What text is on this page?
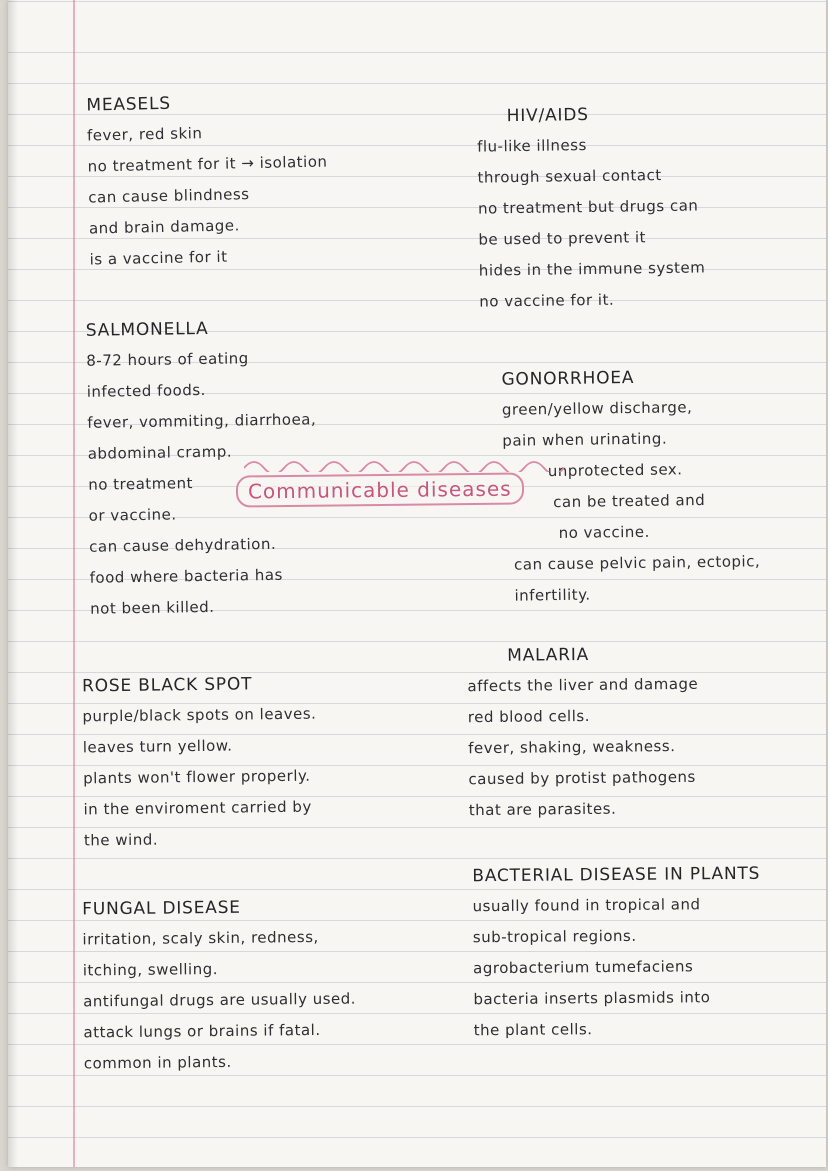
MEASELS
fever, red skin
no treatment for it → isolation
can cause blindness
and brain damage.
is a vaccine for it
HIV/AIDS
flu-like illness
through sexual contact
no treatment but drugs can
be used to prevent it
hides in the immune system
no vaccine for it.
SALMONELLA
8-72 hours of eating
infected foods.
fever, vommiting, diarrhoea,
abdominal cramp.
no treatment
or vaccine.
can cause dehydration.
food where bacteria has
not been killed.
GONORRHOEA
green/yellow discharge,
pain when urinating.
unprotected sex.
can be treated and
no vaccine.
can cause pelvic pain, ectopic,
infertility.
Communicable diseases
MALARIA
affects the liver and damage
red blood cells.
fever, shaking, weakness.
caused by protist pathogens
that are parasites.
ROSE BLACK SPOT
purple/black spots on leaves.
leaves turn yellow.
plants won't flower properly.
in the enviroment carried by
the wind.
BACTERIAL DISEASE IN PLANTS
usually found in tropical and
sub-tropical regions.
agrobacterium tumefaciens
bacteria inserts plasmids into
the plant cells.
FUNGAL DISEASE
irritation, scaly skin, redness,
itching, swelling.
antifungal drugs are usually used.
attack lungs or brains if fatal.
common in plants.
